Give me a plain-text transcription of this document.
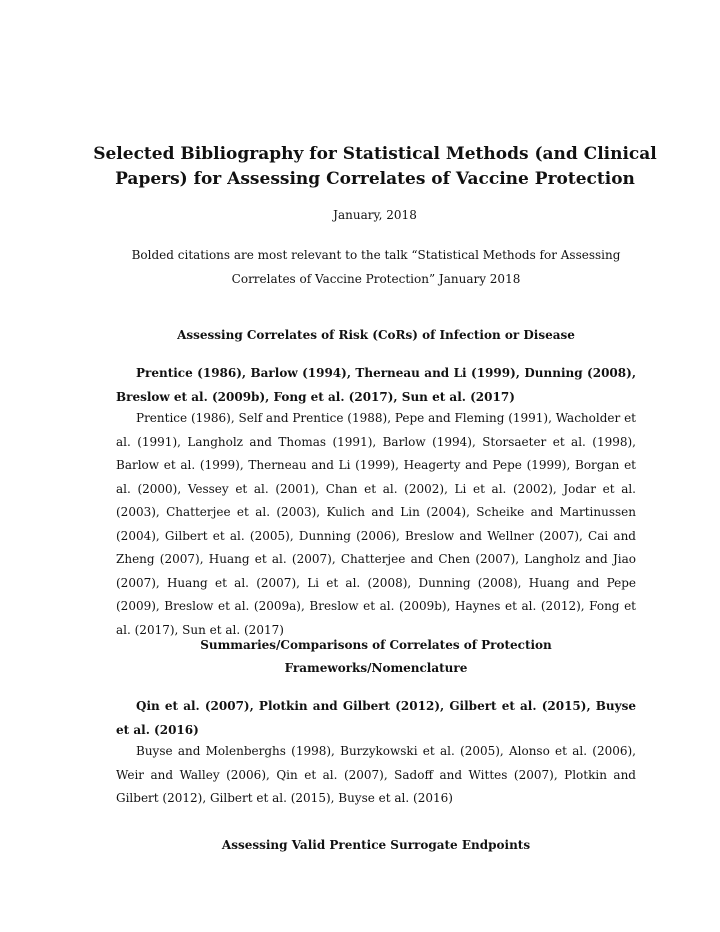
Selected Bibliography for Statistical Methods (and Clinical Papers) for Assessing Correlates of Vaccine Protection

January, 2018

Bolded citations are most relevant to the talk “Statistical Methods for Assessing Correlates of Vaccine Protection” January 2018

Assessing Correlates of Risk (CoRs) of Infection or Disease

Prentice (1986), Barlow (1994), Therneau and Li (1999), Dunning (2008), Breslow et al. (2009b), Fong et al. (2017), Sun et al. (2017)

Prentice (1986), Self and Prentice (1988), Pepe and Fleming (1991), Wacholder et al. (1991), Langholz and Thomas (1991), Barlow (1994), Storsaeter et al. (1998), Barlow et al. (1999), Therneau and Li (1999), Heagerty and Pepe (1999), Borgan et al. (2000), Vessey et al. (2001), Chan et al. (2002), Li et al. (2002), Jodar et al. (2003), Chatterjee et al. (2003), Kulich and Lin (2004), Scheike and Martinussen (2004), Gilbert et al. (2005), Dunning (2006), Breslow and Wellner (2007), Cai and Zheng (2007), Huang et al. (2007), Chatterjee and Chen (2007), Langholz and Jiao (2007), Huang et al. (2007), Li et al. (2008), Dunning (2008), Huang and Pepe (2009), Breslow et al. (2009a), Breslow et al. (2009b), Haynes et al. (2012), Fong et al. (2017), Sun et al. (2017)

Summaries/Comparisons of Correlates of Protection
Frameworks/Nomenclature

Qin et al. (2007), Plotkin and Gilbert (2012), Gilbert et al. (2015), Buyse et al. (2016)

Buyse and Molenberghs (1998), Burzykowski et al. (2005), Alonso et al. (2006), Weir and Walley (2006), Qin et al. (2007), Sadoff and Wittes (2007), Plotkin and Gilbert (2012), Gilbert et al. (2015), Buyse et al. (2016)

Assessing Valid Prentice Surrogate Endpoints
